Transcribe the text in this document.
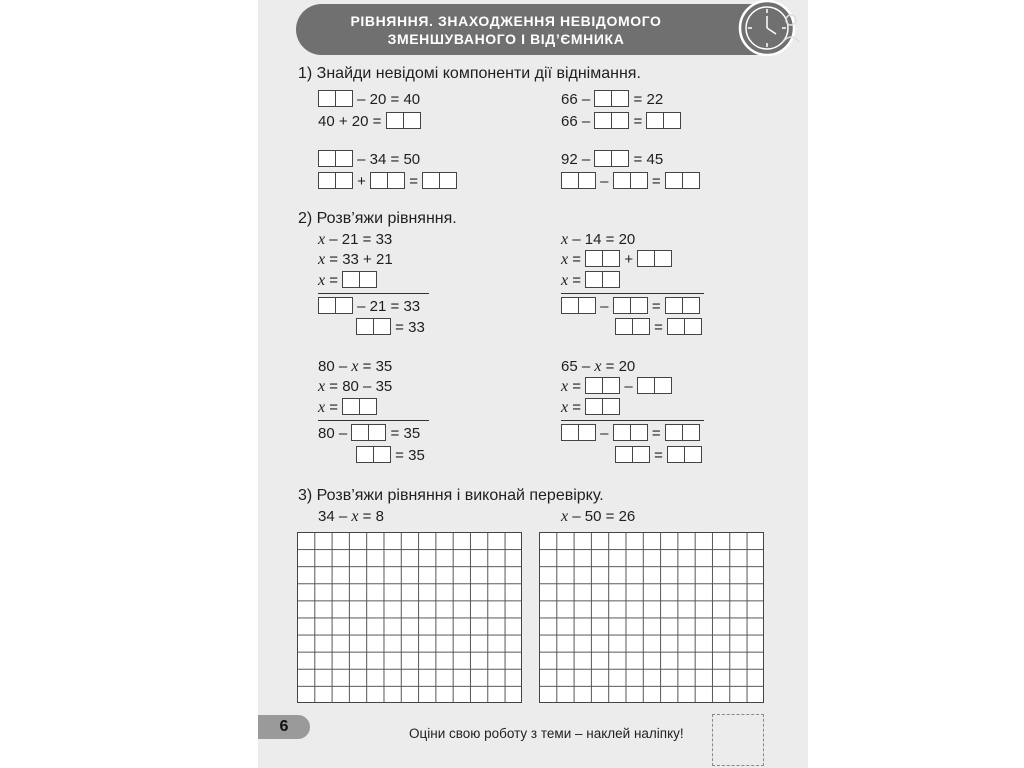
РІВНЯННЯ. ЗНАХОДЖЕННЯ НЕВІДОМОГО
ЗМЕНШУВАНОГО І ВІД’ЄМНИКА
1) Знайди невідомі компоненти дії віднімання.
– 20 = 40
40 + 20 =
66 –	= 22
66 –	=
– 34 = 50
+	=
92 –	= 45
–	=
2) Розв’яжи рівняння.
x – 21 = 33
x = 33 + 21
x =
– 21 = 33
= 33
x – 14 = 20
x =	+
x =
–	=
=
80 – x = 35
x = 80 – 35
x =
80 –	= 35
= 35
65 – x = 20
x =	–
x =
–	=
=
3) Розв’яжи рівняння і виконай перевірку.
34 – x = 8	x – 50 = 26
6	Оціни свою роботу з теми – наклей наліпку!
